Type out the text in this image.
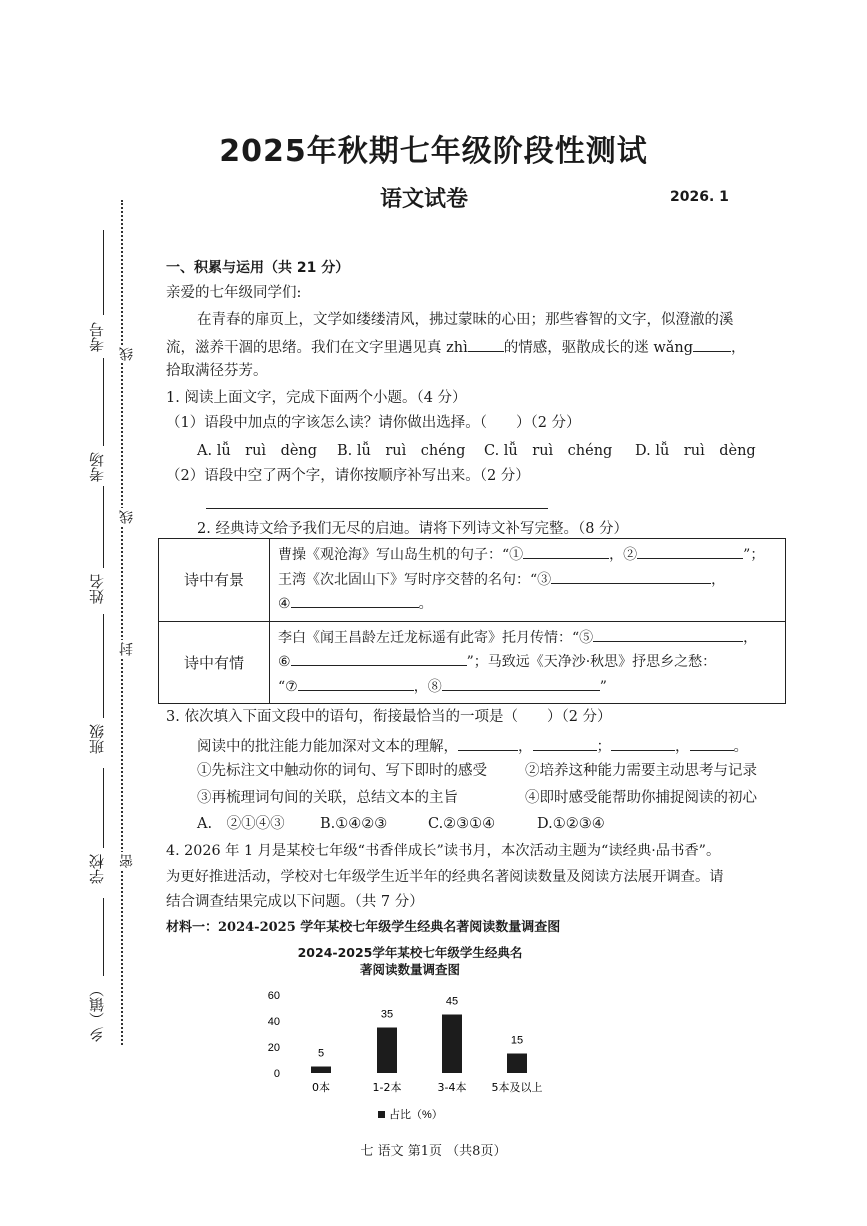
2025年秋期七年级阶段性测试
语文试卷	2026. 1
线
线
封
密
考号
考场
姓名
班级
学校
乡（镇）
一、积累与运用（共 21 分）
亲爱的七年级同学们:
在青春的扉页上，文学如缕缕清风，拂过蒙昧的心田；那些睿智的文字，似澄澈的溪
流，滋养干涸的思绪。我们在文字里遇见真 zhì 的情感，驱散成长的迷 wǎng	，
拾取满径芬芳。
1. 阅读上面文字，完成下面两个小题。（4 分）
（1）语段中加点的字该怎么读？请你做出选择。（　　）（2 分）
A. lǚ　ruì　dèng B. lǚ　ruì　chéng C. lǚ　ruì　chéng D. lǚ　ruì　dèng
（2）语段中空了两个字，请你按顺序补写出来。（2 分）
2. 经典诗文给予我们无尽的启迪。请将下列诗文补写完整。（8 分）
诗中有景	曹操《观沧海》写山岛生机的句子：“① ，② ”；
王湾《次北固山下》写时序交替的名句：“③ ，
④ 。

诗中有情	李白《闻王昌龄左迁龙标遥有此寄》托月传情：“⑤ ，
⑥ ”；马致远《天净沙·秋思》抒思乡之愁：
“⑦ ，⑧ ”
3. 依次填入下面文段中的语句，衔接最恰当的一项是（　　）（2 分）
阅读中的批注能力能加深对文本的理解，	，	；	，	。
①先标注文中触动你的词句、写下即时的感受	②培养这种能力需要主动思考与记录
③再梳理词句间的关联，总结文本的主旨	④即时感受能帮助你捕捉阅读的初心
A.　②①④③ B.①④②③	C.②③①④	D.①②③④
4. 2026 年 1 月是某校七年级“书香伴成长”读书月，本次活动主题为“读经典·品书香”。
为更好推进活动，学校对七年级学生近半年的经典名著阅读数量及阅读方法展开调查。请
结合调查结果完成以下问题。（共 7 分）
材料一：2024-2025 学年某校七年级学生经典名著阅读数量调查图
2024-2025学年某校七年级学生经典名
著阅读数量调查图
0
20
40
60
5
35
45
15
0本	1-2本	3-4本 5本及以上
占比（%）
七 语文 第1页 （共8页）
